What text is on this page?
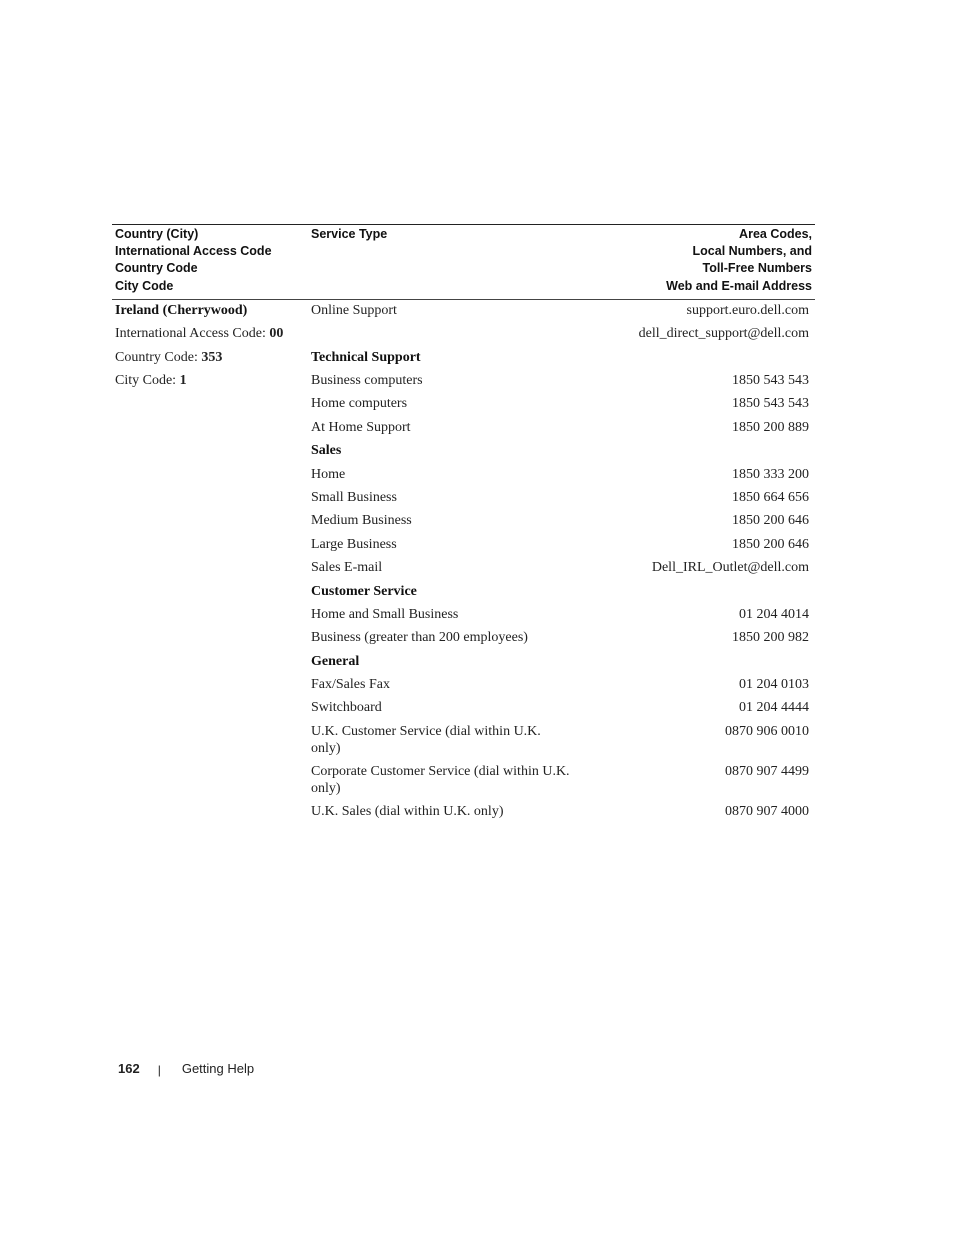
Country (City)
International Access Code
Country Code
City Code	Service Type	Area Codes,
Local Numbers, and
Toll-Free Numbers
Web and E-mail Address

Ireland (Cherrywood)	Online Support	support.euro.dell.com
International Access Code: 00		dell_direct_support@dell.com
Country Code: 353	Technical Support	
City Code: 1	Business computers	1850 543 543
	Home computers	1850 543 543
	At Home Support	1850 200 889
	Sales	
	Home	1850 333 200
	Small Business	1850 664 656
	Medium Business	1850 200 646
	Large Business	1850 200 646
	Sales E-mail	Dell_IRL_Outlet@dell.com
	Customer Service	
	Home and Small Business	01 204 4014
	Business (greater than 200 employees)	1850 200 982
	General	
	Fax/Sales Fax	01 204 0103
	Switchboard	01 204 4444
	U.K. Customer Service (dial within U.K. only)	0870 906 0010
	Corporate Customer Service (dial within U.K. only)	0870 907 4499
	U.K. Sales (dial within U.K. only)	0870 907 4000
162 | Getting Help
